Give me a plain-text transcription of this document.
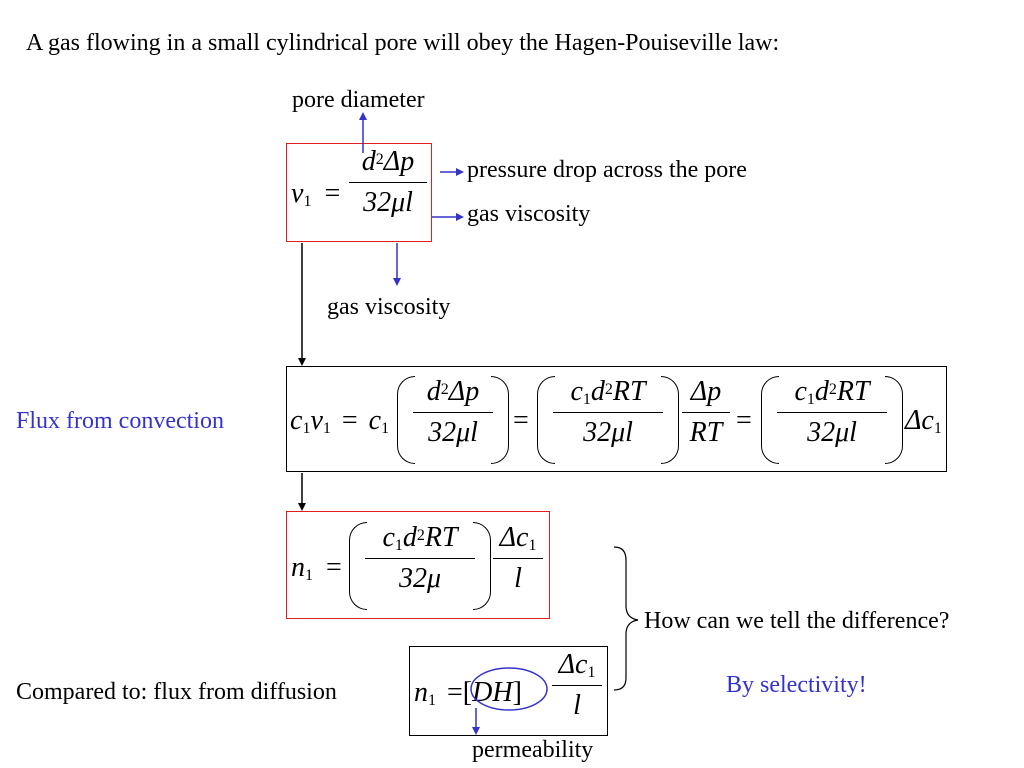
A gas flowing in a small cylindrical pore will obey the Hagen-Pouiseville law:
pore diameter
pressure drop across the pore
gas viscosity
gas viscosity
Flux from convection
Compared to: flux from diffusion
permeability
How can we tell the difference?
By selectivity!
$v_1$ =
$d^2\Delta p$
32μl
$c_1v_1 = c_1$
$d^2\Delta p$
32μl	=
$c_1d^2RT$
32μl
Δp
RT =
$c_1d^2RT$
32μl	$\Delta c_1$
$n_1$ =
$c_1d^2RT$
32μ
$\Delta c_1$
l
$n_1 =[DH]$
$\Delta c_1$
l
